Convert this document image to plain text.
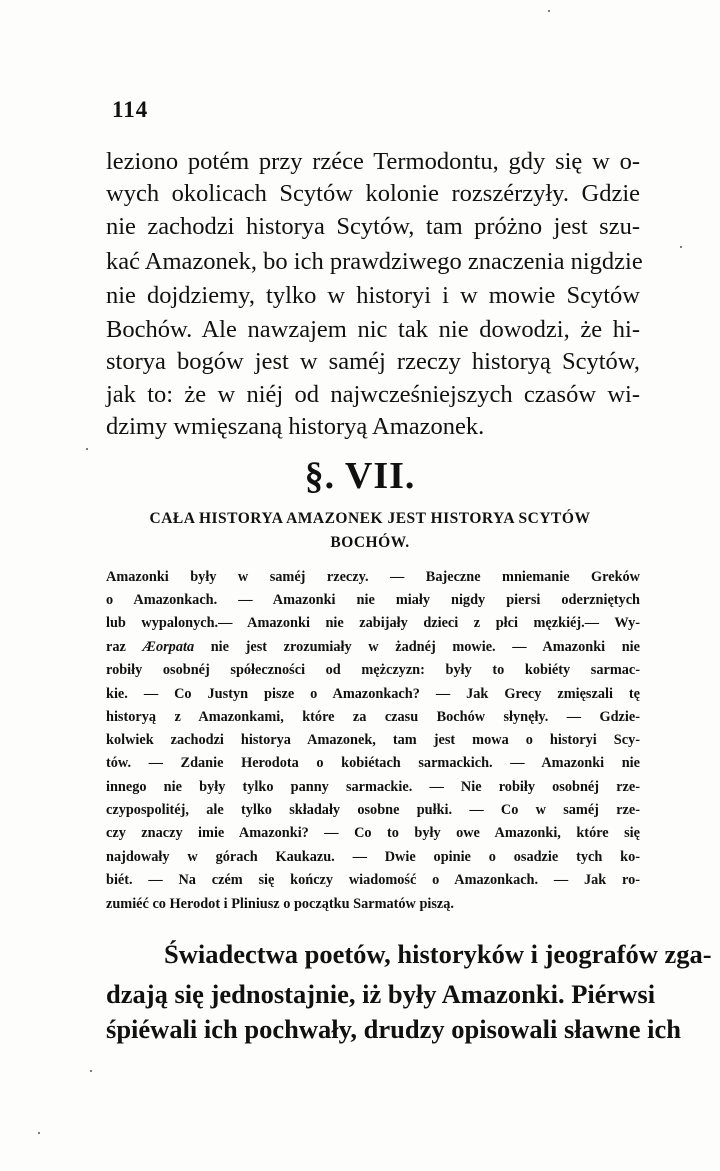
114
leziono potém przy rzéce Termodontu, gdy się w o-
wych okolicach Scytów kolonie rozszérzyły. Gdzie
nie zachodzi historya Scytów, tam próżno jest szu-
kać Amazonek, bo ich prawdziwego znaczenia nigdzie
nie dojdziemy, tylko w historyi i w mowie Scytów
Bochów. Ale nawzajem nic tak nie dowodzi, że hi-
storya bogów jest w saméj rzeczy historyą Scytów,
jak to: że w niéj od najwcześniejszych czasów wi-
dzimy wmięszaną historyą Amazonek.
§. VII.
CAŁA HISTORYA AMAZONEK JEST HISTORYA SCYTÓW
BOCHÓW.
Amazonki były w saméj rzeczy. — Bajeczne mniemanie Greków
o Amazonkach. — Amazonki nie miały nigdy piersi oderzniętych
lub wypalonych.— Amazonki nie zabijały dzieci z płci męzkiéj.— Wy-
raz Æorpata nie jest zrozumiały w żadnéj mowie. — Amazonki nie
robiły osobnéj spółeczności od mężczyzn: były to kobiéty sarmac-
kie. — Co Justyn pisze o Amazonkach? — Jak Grecy zmięszali tę
historyą z Amazonkami, które za czasu Bochów słynęły. — Gdzie-
kolwiek zachodzi historya Amazonek, tam jest mowa o historyi Scy-
tów. — Zdanie Herodota o kobiétach sarmackich. — Amazonki nie
innego nie były tylko panny sarmackie. — Nie robiły osobnéj rze-
czypospolitéj, ale tylko składały osobne pułki. — Co w saméj rze-
czy znaczy imie Amazonki? — Co to były owe Amazonki, które się
najdowały w górach Kaukazu. — Dwie opinie o osadzie tych ko-
biét. — Na czém się kończy wiadomość o Amazonkach. — Jak ro-
zumiéć co Herodot i Pliniusz o początku Sarmatów piszą.
Świadectwa poetów, historyków i jeografów zga-
dzają się jednostajnie, iż były Amazonki. Piérwsi
śpiéwali ich pochwały, drudzy opisowali sławne ich
